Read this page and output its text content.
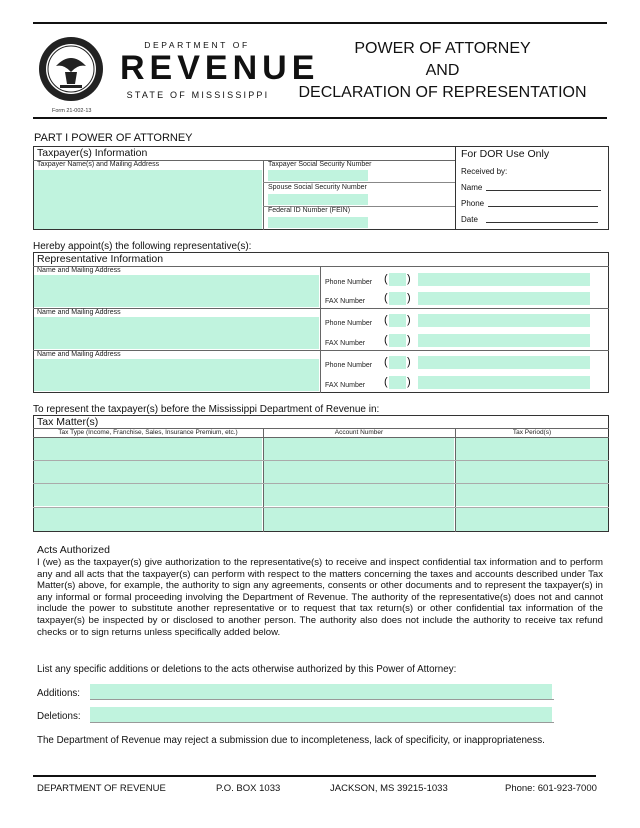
Form 21-002-13
DEPARTMENT OF
REVENUE
STATE OF MISSISSIPPI
POWER OF ATTORNEY
AND
DECLARATION OF REPRESENTATION
PART I POWER OF ATTORNEY
Taxpayer(s) Information
Taxpayer Name(s) and Mailing Address	Taxpayer Social Security Number
Spouse Social Security Number
Federal ID Number (FEIN)
For DOR Use Only
Received by:
Name
Phone
Date
Hereby appoint(s) the following representative(s):
Representative Information
Name and Mailing Address
Phone Number ( )
FAX Number ( )
Name and Mailing Address
Phone Number ( )
FAX Number ( )
Name and Mailing Address
Phone Number ( )
FAX Number ( )
To represent the taxpayer(s) before the Mississippi Department of Revenue in:
Tax Matter(s)
Tax Type (Income, Franchise, Sales, Insurance Premium, etc.)	Account Number	Tax Period(s)
Acts Authorized
I (we) as the taxpayer(s) give authorization to the representative(s) to receive and inspect confidential tax information and to perform any and all acts that the taxpayer(s) can perform with respect to the matters concerning the taxes and accounts described under Tax Matter(s) above, for example, the authority to sign any agreements, consents or other documents and to represent the taxpayer(s) in any informal or formal proceeding involving the Department of Revenue. The authority of the representative(s) does not and cannot include the power to substitute another representative or to request that tax return(s) or other confidential tax information of the taxpayer(s) be inspected by or disclosed to another person. The authority also does not include the authority to receive tax refund checks or to sign returns unless specifically added below.
List any specific additions or deletions to the acts otherwise authorized by this Power of Attorney:
Additions:
Deletions:
The Department of Revenue may reject a submission due to incompleteness, lack of specificity, or inappropriateness.
DEPARTMENT OF REVENUE	P.O. BOX 1033	JACKSON, MS 39215-1033	Phone: 601-923-7000
